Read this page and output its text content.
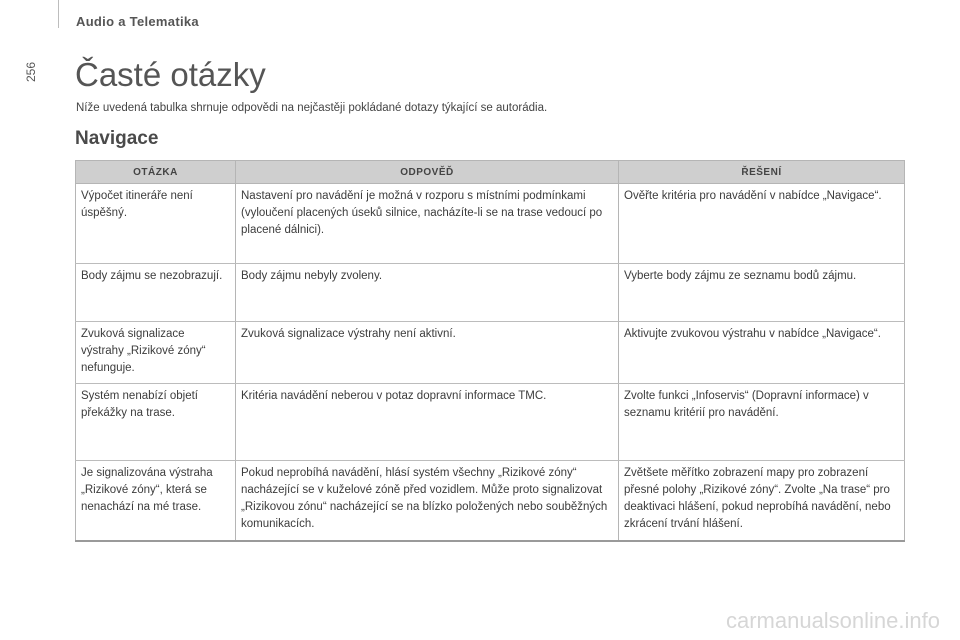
Audio a Telematika
256 Časté otázky

Níže uvedená tabulka shrnuje odpovědi na nejčastěji pokládané dotazy týkající se autorádia.

Navigace
OTÁZKA	ODPOVĚĎ	ŘEŠENÍ
Výpočet itineráře není úspěšný.	Nastavení pro navádění je možná v rozporu s místními podmínkami (vyloučení placených úseků silnice, nacházíte-li se na trase vedoucí po placené dálnici).	Ověřte kritéria pro navádění v nabídce „Navigace“.
Body zájmu se nezobrazují.	Body zájmu nebyly zvoleny.	Vyberte body zájmu ze seznamu bodů zájmu.
Zvuková signalizace výstrahy „Rizikové zóny“ nefunguje.	Zvuková signalizace výstrahy není aktivní.	Aktivujte zvukovou výstrahu v nabídce „Navigace“.
Systém nenabízí objetí překážky na trase.	Kritéria navádění neberou v potaz dopravní informace TMC.	Zvolte funkci „Infoservis“ (Dopravní informace) v seznamu kritérií pro navádění.
Je signalizována výstraha „Rizikové zóny“, která se nenachází na mé trase.	Pokud neprobíhá navádění, hlásí systém všechny „Rizikové zóny“ nacházející se v kuželové zóně před vozidlem. Může proto signalizovat „Rizikovou zónu“ nacházející se na blízko položených nebo souběžných komunikacích.	Zvětšete měřítko zobrazení mapy pro zobrazení přesné polohy „Rizikové zóny“. Zvolte „Na trase“ pro deaktivaci hlášení, pokud neprobíhá navádění, nebo zkrácení trvání hlášení.
carmanualsonline.info
